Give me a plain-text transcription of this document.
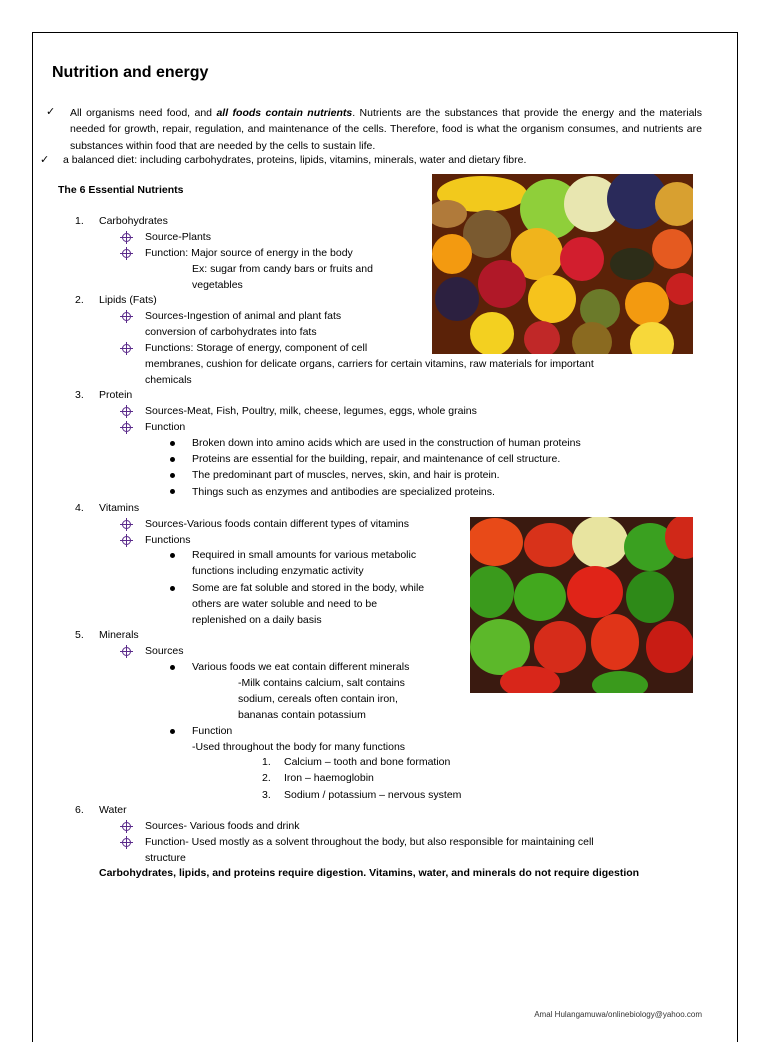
Nutrition and energy
✓ All organisms need food, and all foods contain nutrients. Nutrients are the substances that provide the energy and the materials needed for growth, repair, regulation, and maintenance of the cells. Therefore, food is what the organism consumes, and nutrients are substances within food that are needed by the cells to sustain life.
✓ a balanced diet: including carbohydrates, proteins, lipids, vitamins, minerals, water and dietary fibre.
The 6 Essential Nutrients
1. Carbohydrates
Source-Plants
Function: Major source of energy in the body
Ex: sugar from candy bars or fruits and
vegetables
2. Lipids (Fats)
Sources-Ingestion of animal and plant fats
conversion of carbohydrates into fats
Functions: Storage of energy, component of cell
membranes, cushion for delicate organs, carriers for certain vitamins, raw materials for important
chemicals
3. Protein
Sources-Meat, Fish, Poultry, milk, cheese, legumes, eggs, whole grains
Function
Broken down into amino acids which are used in the construction of human proteins
Proteins are essential for the building, repair, and maintenance of cell structure.
The predominant part of muscles, nerves, skin, and hair is protein.
Things such as enzymes and antibodies are specialized proteins.
4. Vitamins
Sources-Various foods contain different types of vitamins
Functions
Required in small amounts for various metabolic
functions including enzymatic activity
Some are fat soluble and stored in the body, while
others are water soluble and need to be
replenished on a daily basis
5. Minerals
Sources
Various foods we eat contain different minerals
-Milk contains calcium, salt contains
sodium, cereals often contain iron,
bananas contain potassium
Function
-Used throughout the body for many functions
1. Calcium – tooth and bone formation
2. Iron – haemoglobin
3. Sodium / potassium – nervous system
6. Water
Sources- Various foods and drink
Function- Used mostly as a solvent throughout the body, but also responsible for maintaining cell
structure
Carbohydrates, lipids, and proteins require digestion. Vitamins, water, and minerals do not require digestion
Amal Hulangamuwa/onlinebiology@yahoo.com
